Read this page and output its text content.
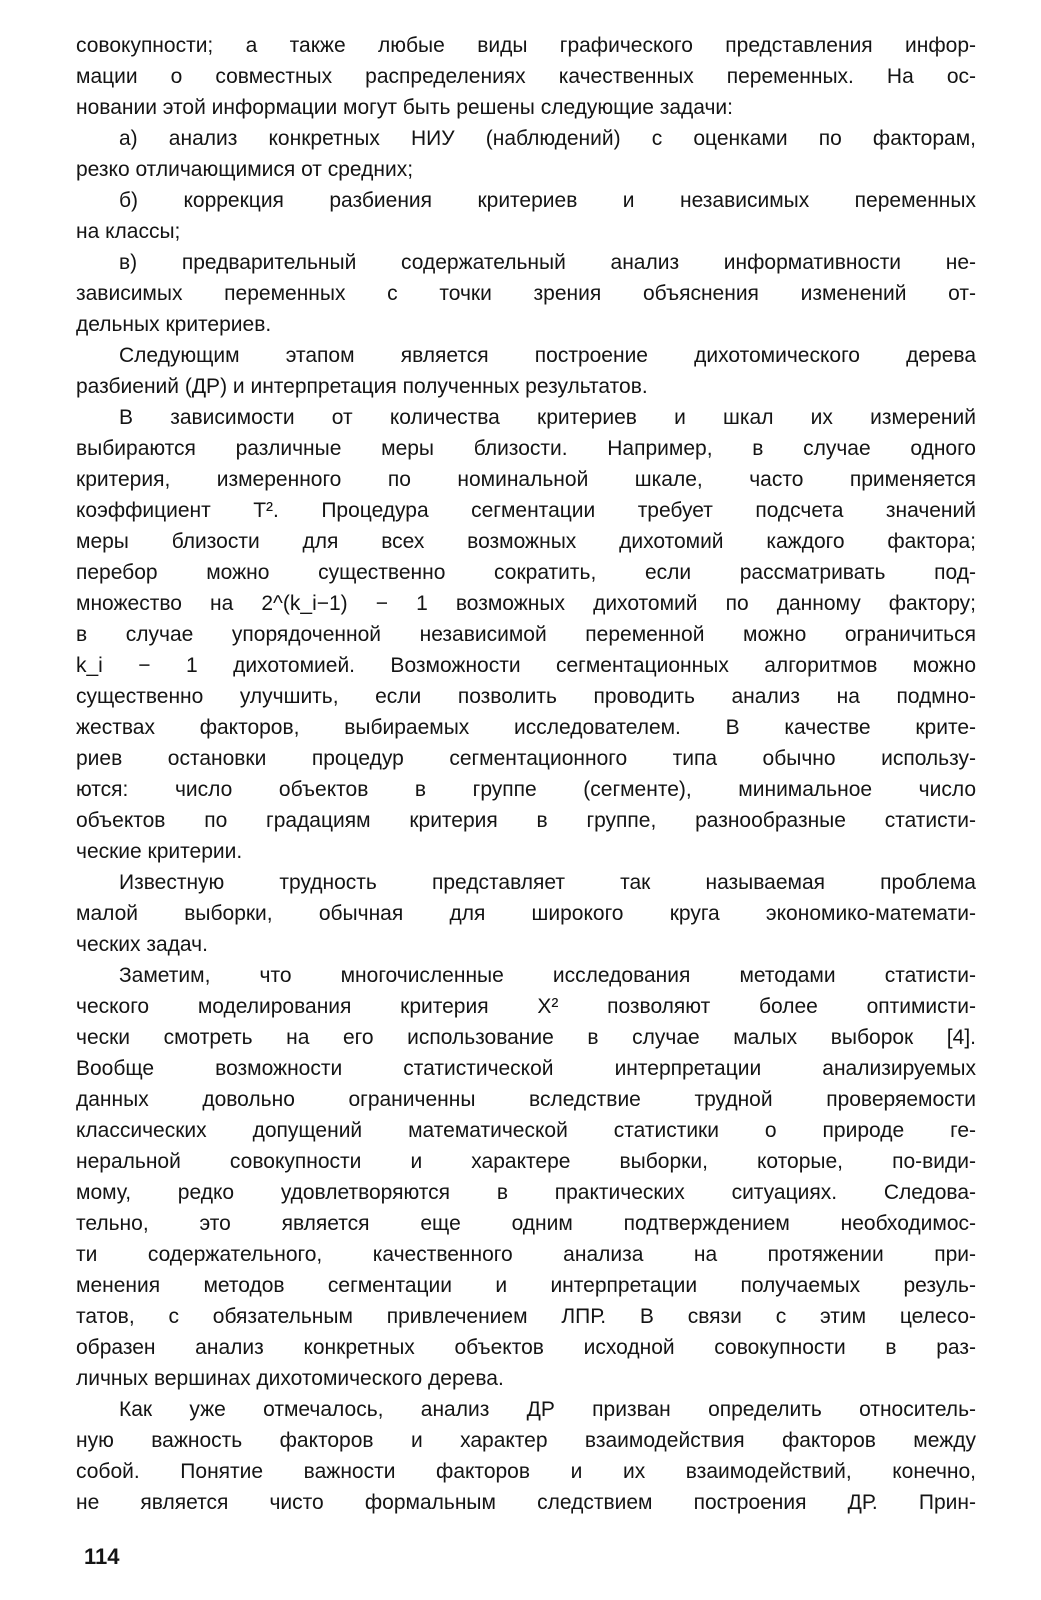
совокупности; а также любые виды графического представления инфор-
мации о совместных распределениях качественных переменных. На ос-
новании этой информации могут быть решены следующие задачи:
а) анализ конкретных НИУ (наблюдений) с оценками по факторам,
резко отличающимися от средних;
б) коррекция разбиения критериев и независимых переменных
на классы;
в) предварительный содержательный анализ информативности не-
зависимых переменных с точки зрения объяснения изменений от-
дельных критериев.
Следующим этапом является построение дихотомического дерева
разбиений (ДР) и интерпретация полученных результатов.
В зависимости от количества критериев и шкал их измерений
выбираются различные меры близости. Например, в случае одного
критерия, измеренного по номинальной шкале, часто применяется
коэффициент T². Процедура сегментации требует подсчета значений
меры близости для всех возможных дихотомий каждого фактора;
перебор можно существенно сократить, если рассматривать под-
множество на 2^(k_i−1) − 1 возможных дихотомий по данному фактору;
в случае упорядоченной независимой переменной можно ограничиться
k_i − 1 дихотомией. Возможности сегментационных алгоритмов можно
существенно улучшить, если позволить проводить анализ на подмно-
жествах факторов, выбираемых исследователем. В качестве крите-
риев остановки процедур сегментационного типа обычно использу-
ются: число объектов в группе (сегменте), минимальное число
объектов по градациям критерия в группе, разнообразные статисти-
ческие критерии.
Известную трудность представляет так называемая проблема
малой выборки, обычная для широкого круга экономико-математи-
ческих задач.
Заметим, что многочисленные исследования методами статисти-
ческого моделирования критерия X² позволяют более оптимисти-
чески смотреть на его использование в случае малых выборок [4].
Вообще возможности статистической интерпретации анализируемых
данных довольно ограниченны вследствие трудной проверяемости
классических допущений математической статистики о природе ге-
неральной совокупности и характере выборки, которые, по-види-
мому, редко удовлетворяются в практических ситуациях. Следова-
тельно, это является еще одним подтверждением необходимос-
ти содержательного, качественного анализа на протяжении при-
менения методов сегментации и интерпретации получаемых резуль-
татов, с обязательным привлечением ЛПР. В связи с этим целесо-
образен анализ конкретных объектов исходной совокупности в раз-
личных вершинах дихотомического дерева.
Как уже отмечалось, анализ ДР призван определить относитель-
ную важность факторов и характер взаимодействия факторов между
собой. Понятие важности факторов и их взаимодействий, конечно,
не является чисто формальным следствием построения ДР. Прин-
114
